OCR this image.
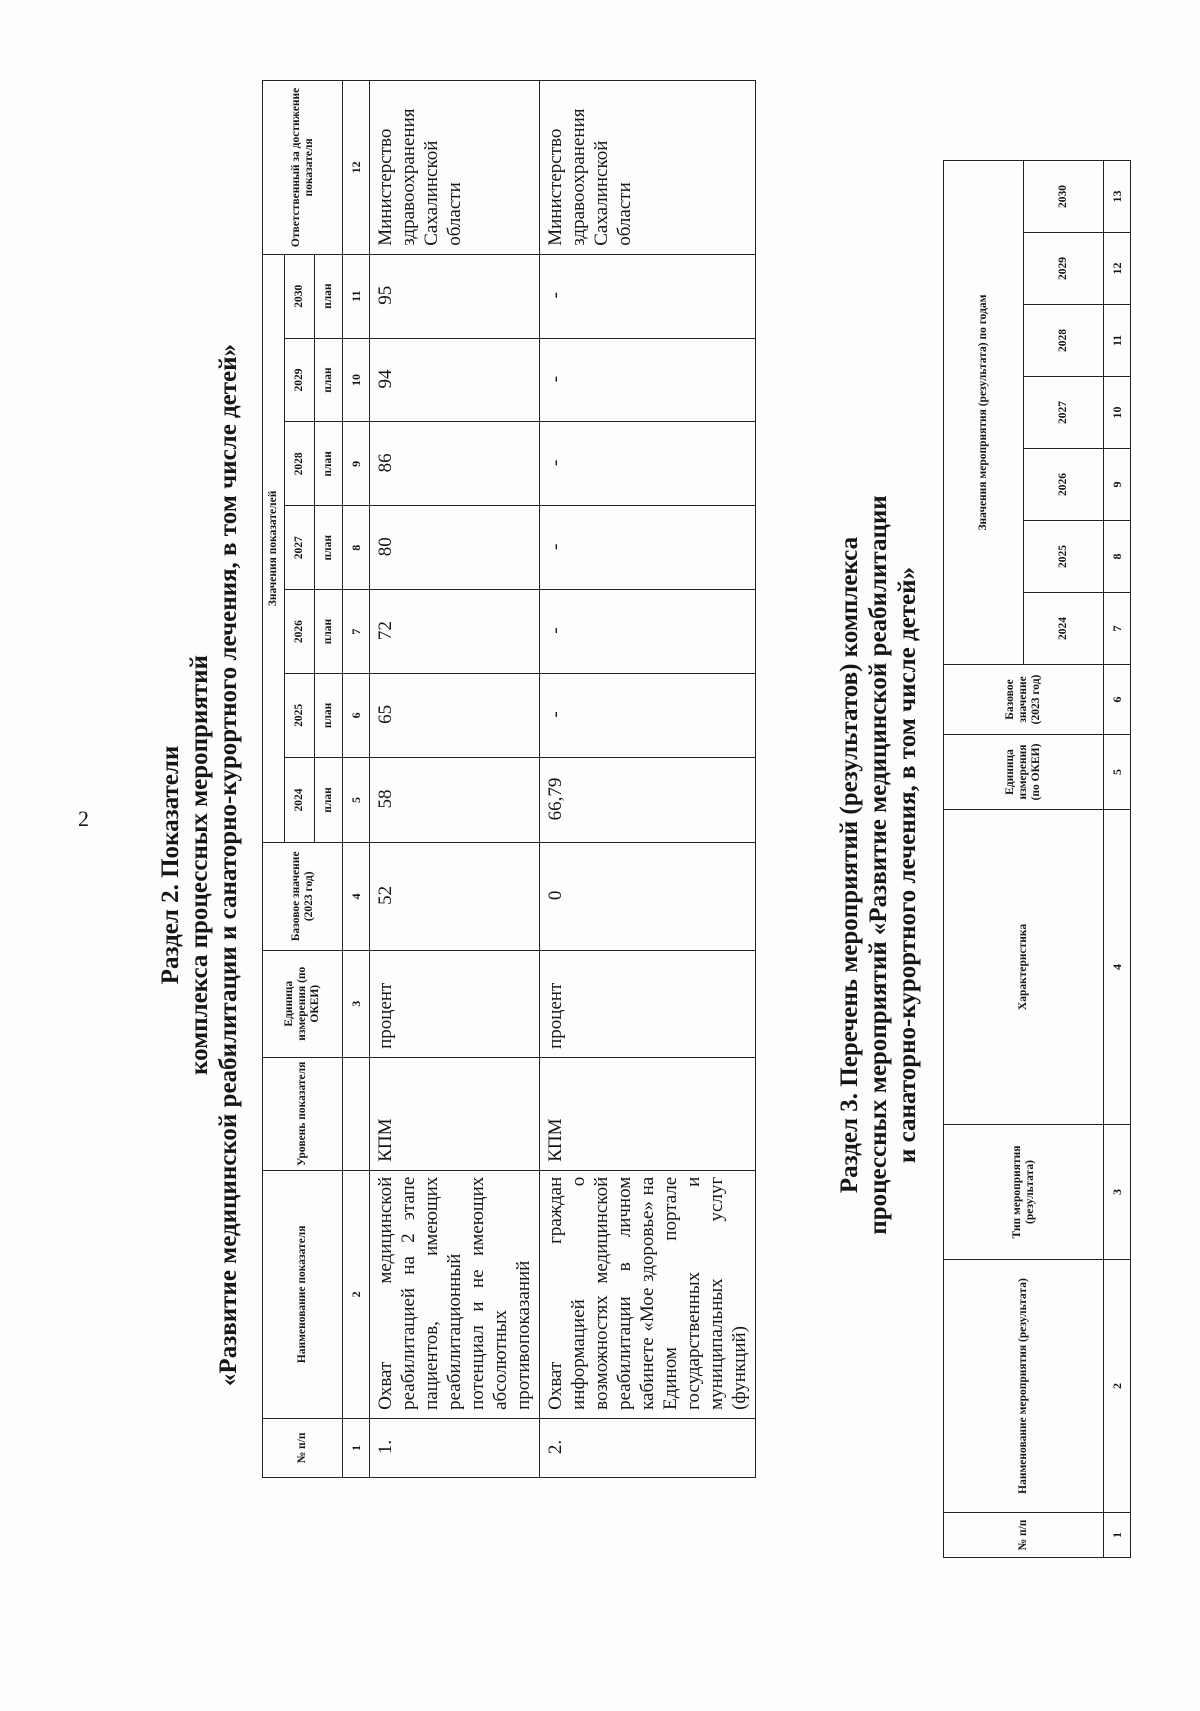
2	Раздел 2. Показатели комплекса процессных мероприятий «Развитие медицинской реабилитации и санаторно-курортного лечения, в том числе детей»
№ п/п	Наименование показателя	Уровень показателя	Единица измерения (по ОКЕИ)	Базовое значение (2023 год)	Значения показателей							Ответственный за достижение показателя
					2024	2025	2026	2027	2028	2029	2030	
					план	план	план	план	план	план	план	
1	2		3	4	5	6	7	8	9	10	11	12
1.	Охват медицинской реабилитацией на 2 этапе пациентов, имеющих реабилитационный потенциал и не имеющих абсолютных противопоказаний	КПМ	процент	52	58	65	72	80	86	94	95	Министерство здравоохранения Сахалинской области
2.	Охват граждан информацией о возможностях медицинской реабилитации в личном кабинете «Мое здоровье» на Едином портале государственных и муниципальных услуг (функций)	КПМ	процент	0	66,79	-	-	-	-	-	-	Министерство здравоохранения Сахалинской области
Раздел 3. Перечень мероприятий (результатов) комплекса процессных мероприятий «Развитие медицинской реабилитации и санаторно-курортного лечения, в том числе детей»
№ п/п	Наименование мероприятия (результата)	Тип мероприятия (результата)	Характеристика	Единица измерения (по ОКЕИ)	Базовое значение (2023 год)	Значения мероприятия (результата) по годам						
						2024	2025	2026	2027	2028	2029	2030
1	2	3	4	5	6	7	8	9	10	11	12	13
